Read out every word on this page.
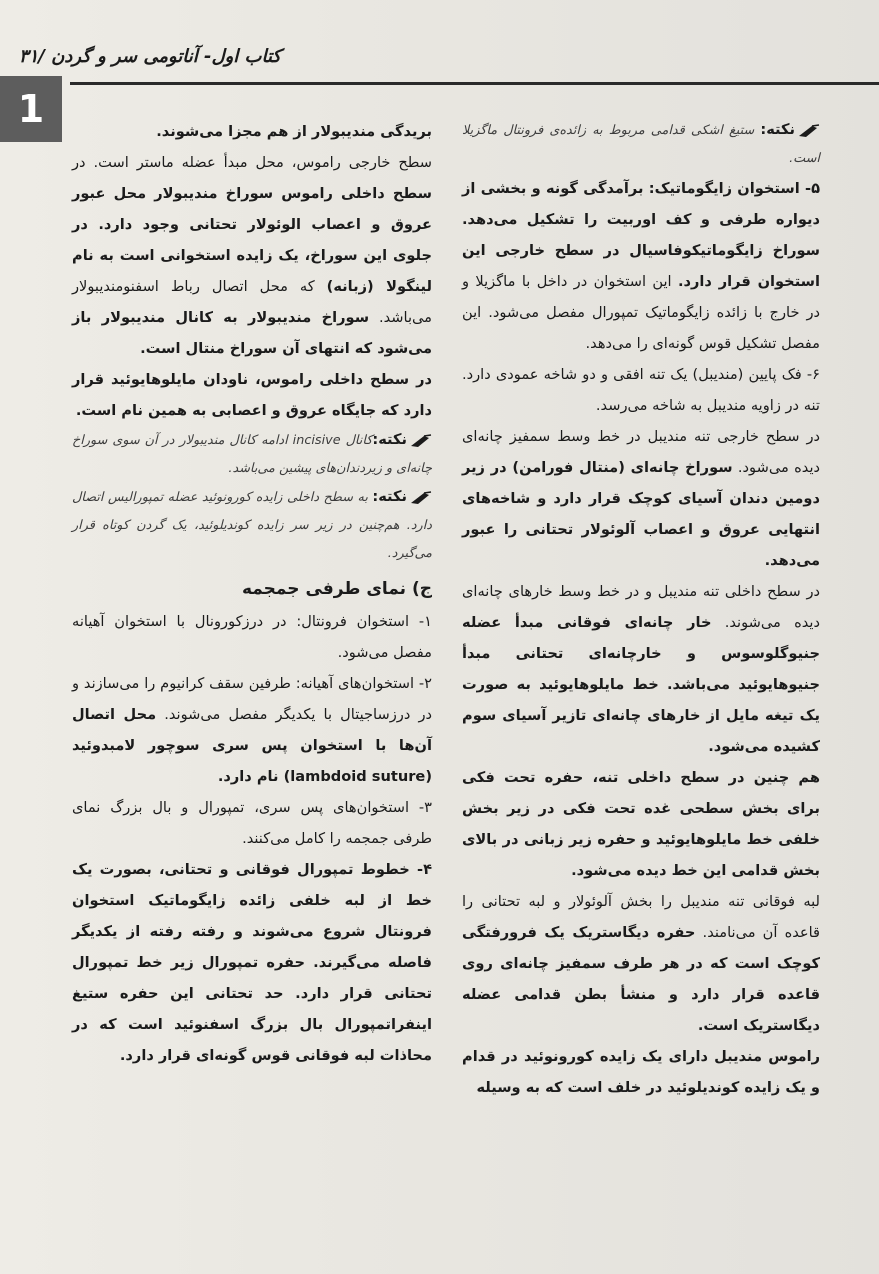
کتاب اول- آناتومی سر و گردن /۳۱
1	نکته: ستیغ اشکی قدامی مربوط به زائده‌ی فرونتال ماگزیلا است.

۵- استخوان زایگوماتیک: برآمدگی گونه و بخشی از دیواره طرفی و کف اوربیت را تشکیل می‌دهد. سوراخ زایگوماتیکوفاسیال در سطح خارجی این استخوان قرار دارد. این استخوان در داخل با ماگزیلا و در خارج با زائده زایگوماتیک تمپورال مفصل می‌شود. این مفصل تشکیل قوس گونه‌ای را می‌دهد.

۶- فک پایین (مندیبل) یک تنه افقی و دو شاخه عمودی دارد. تنه در زاویه مندیبل به شاخه می‌رسد.

در سطح خارجی تنه مندیبل در خط وسط سمفیز چانه‌ای دیده می‌شود. سوراخ چانه‌ای (منتال فورامن) در زیر دومین دندان آسیای کوچک قرار دارد و شاخه‌های انتهایی عروق و اعصاب آلوئولار تحتانی را عبور می‌دهد.

در سطح داخلی تنه مندیبل و در خط وسط خارهای چانه‌ای دیده می‌شوند. خار چانه‌ای فوقانی مبدأ عضله جنیوگلوسوس و خارچانه‌ای تحتانی مبدأ جنیوهایوئید می‌باشد. خط مایلوهایوئید به صورت یک تیغه مایل از خارهای چانه‌ای تازیر آسیای سوم کشیده می‌شود.

هم چنین در سطح داخلی تنه، حفره تحت فکی برای بخش سطحی غده تحت فکی در زیر بخش خلفی خط مایلوهایوئید و حفره زیر زبانی در بالای بخش قدامی این خط دیده می‌شود.

لبه فوقانی تنه مندیبل را بخش آلوئولار و لبه تحتانی را قاعده آن می‌نامند. حفره دیگاستریک یک فرورفتگی کوچک است که در هر طرف سمفیز چانه‌ای روی قاعده قرار دارد و منشأ بطن قدامی عضله دیگاستریک است.

راموس مندیبل دارای یک زایده کورونوئید در قدام و یک زایده کوندیلوئید در خلف است که به وسیله

بریدگی مندیبولار از هم مجزا می‌شوند.

سطح خارجی راموس، محل مبدأ عضله ماستر است. در سطح داخلی راموس سوراخ مندیبولار محل عبور عروق و اعصاب الوئولار تحتانی وجود دارد. در جلوی این سوراخ، یک زایده استخوانی است به نام لینگولا (زبانه) که محل اتصال رباط اسفنومندیبولار می‌باشد. سوراخ مندیبولار به کانال مندیبولار باز می‌شود که انتهای آن سوراخ منتال است.

در سطح داخلی راموس، ناودان مایلوهایوئید قرار دارد که جایگاه عروق و اعصابی به همین نام است.

نکته:کانال incisive ادامه کانال مندیبولار در آن سوی سوراخ چانه‌ای و زیردندان‌های پیشین می‌باشد.

نکته: به سطح داخلی زایده کورونوئید عضله تمپورالیس اتصال دارد. هم‌چنین در زیر سر زایده کوندیلوئید، یک گردن کوتاه قرار می‌گیرد.

ج) نمای طرفی جمجمه

۱- استخوان فرونتال: در درزکورونال با استخوان آهیانه مفصل می‌شود.

۲- استخوان‌های آهیانه: طرفین سقف کرانیوم را می‌سازند و در درزساجیتال با یکدیگر مفصل می‌شوند. محل اتصال آن‌ها با استخوان پس سری سوچور لامبدوئید (lambdoid suture) نام دارد.

۳- استخوان‌های پس سری، تمپورال و بال بزرگ نمای طرفی جمجمه را کامل می‌کنند.

۴- خطوط تمپورال فوقانی و تحتانی، بصورت یک خط از لبه خلفی زائده زایگوماتیک استخوان فرونتال شروع می‌شوند و رفته رفته از یکدیگر فاصله می‌گیرند. حفره تمپورال زیر خط تمپورال تحتانی قرار دارد. حد تحتانی این حفره ستیغ اینفراتمپورال بال بزرگ اسفنوئید است که در محاذات لبه فوقانی قوس گونه‌ای قرار دارد.
